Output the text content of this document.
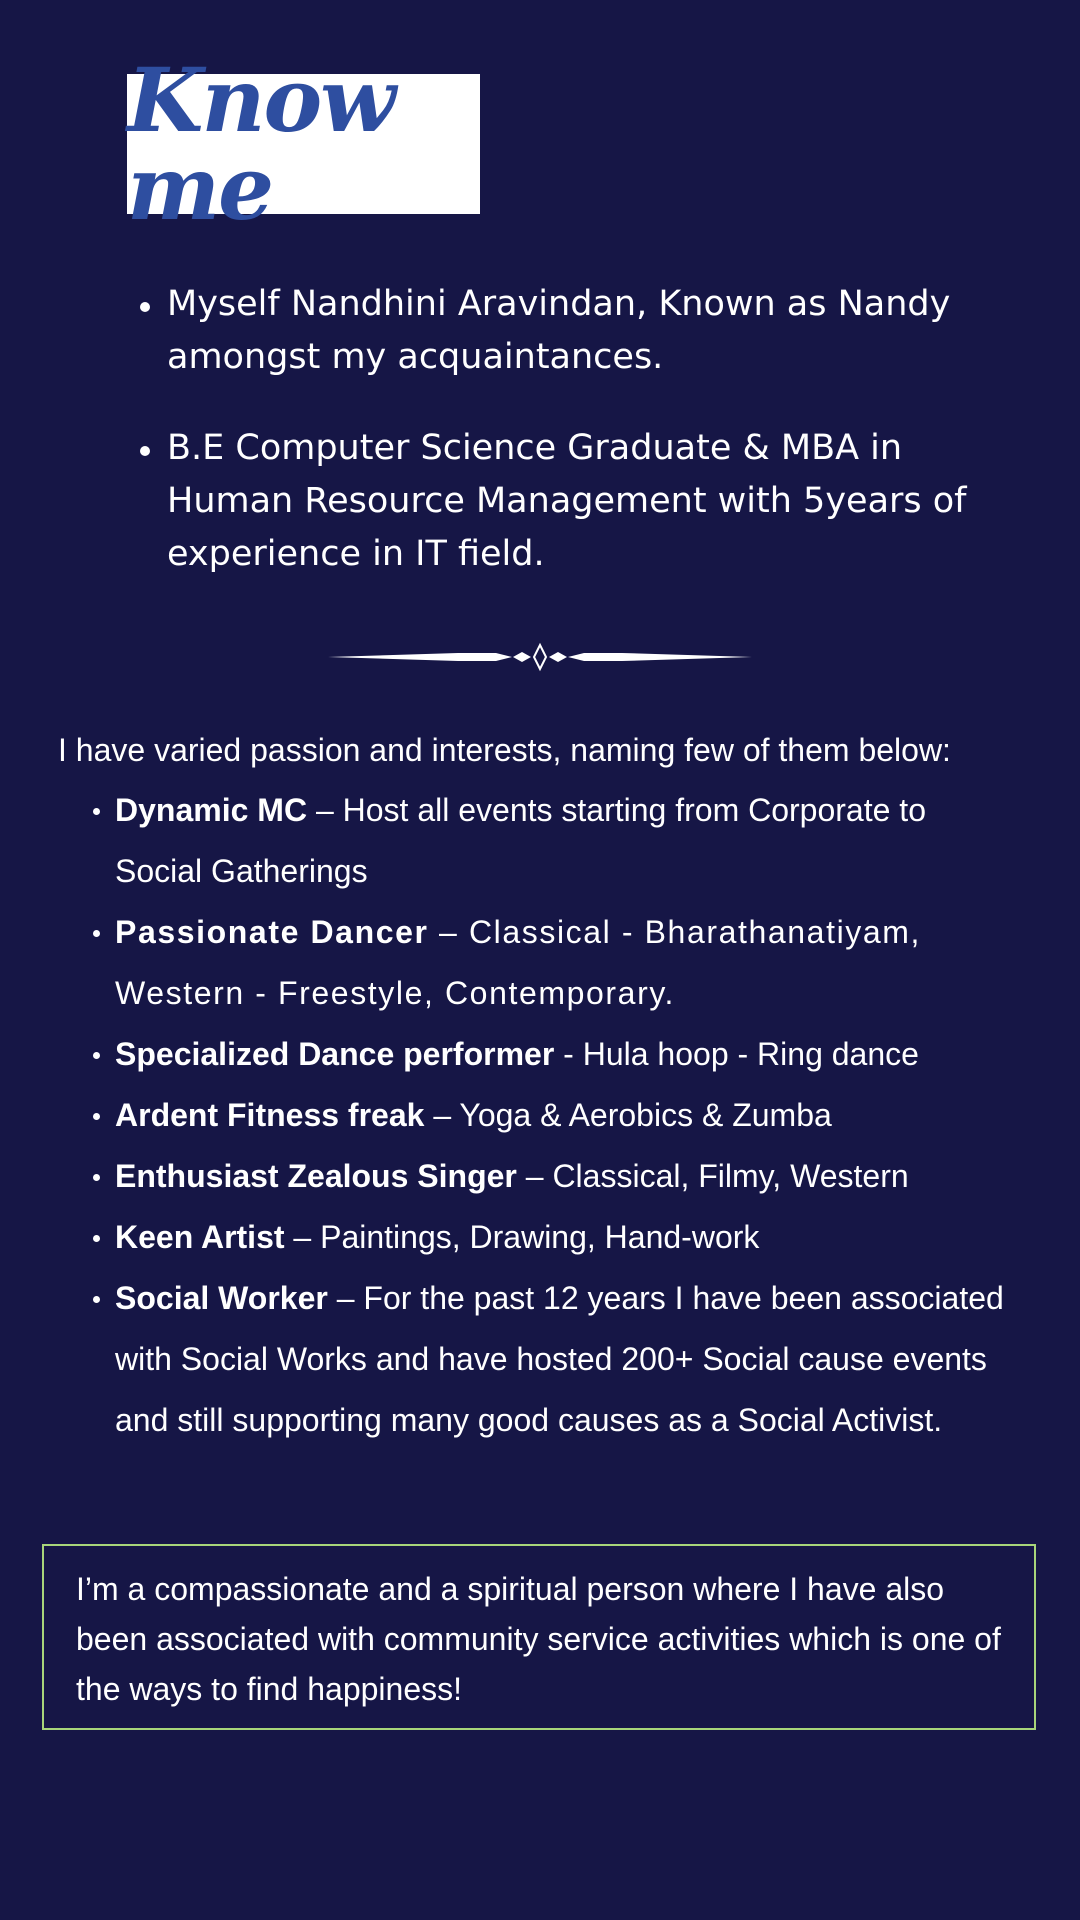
Know me
Myself Nandhini Aravindan, Known as Nandy amongst my acquaintances.
B.E Computer Science Graduate & MBA in Human Resource Management with 5years of experience in IT field.

I have varied passion and interests, naming few of them below:

Dynamic MC – Host all events starting from Corporate to Social Gatherings
Passionate Dancer – Classical - Bharathanatiyam, Western - Freestyle, Contemporary.
Specialized Dance performer - Hula hoop - Ring dance
Ardent Fitness freak – Yoga & Aerobics & Zumba
Enthusiast Zealous Singer – Classical, Filmy, Western
Keen Artist – Paintings, Drawing, Hand-work
Social Worker – For the past 12 years I have been associated with Social Works and have hosted 200+ Social cause events and still supporting many good causes as a Social Activist.
I’m a compassionate and a spiritual person where I have also been associated with community service activities which is one of the ways to find happiness!
